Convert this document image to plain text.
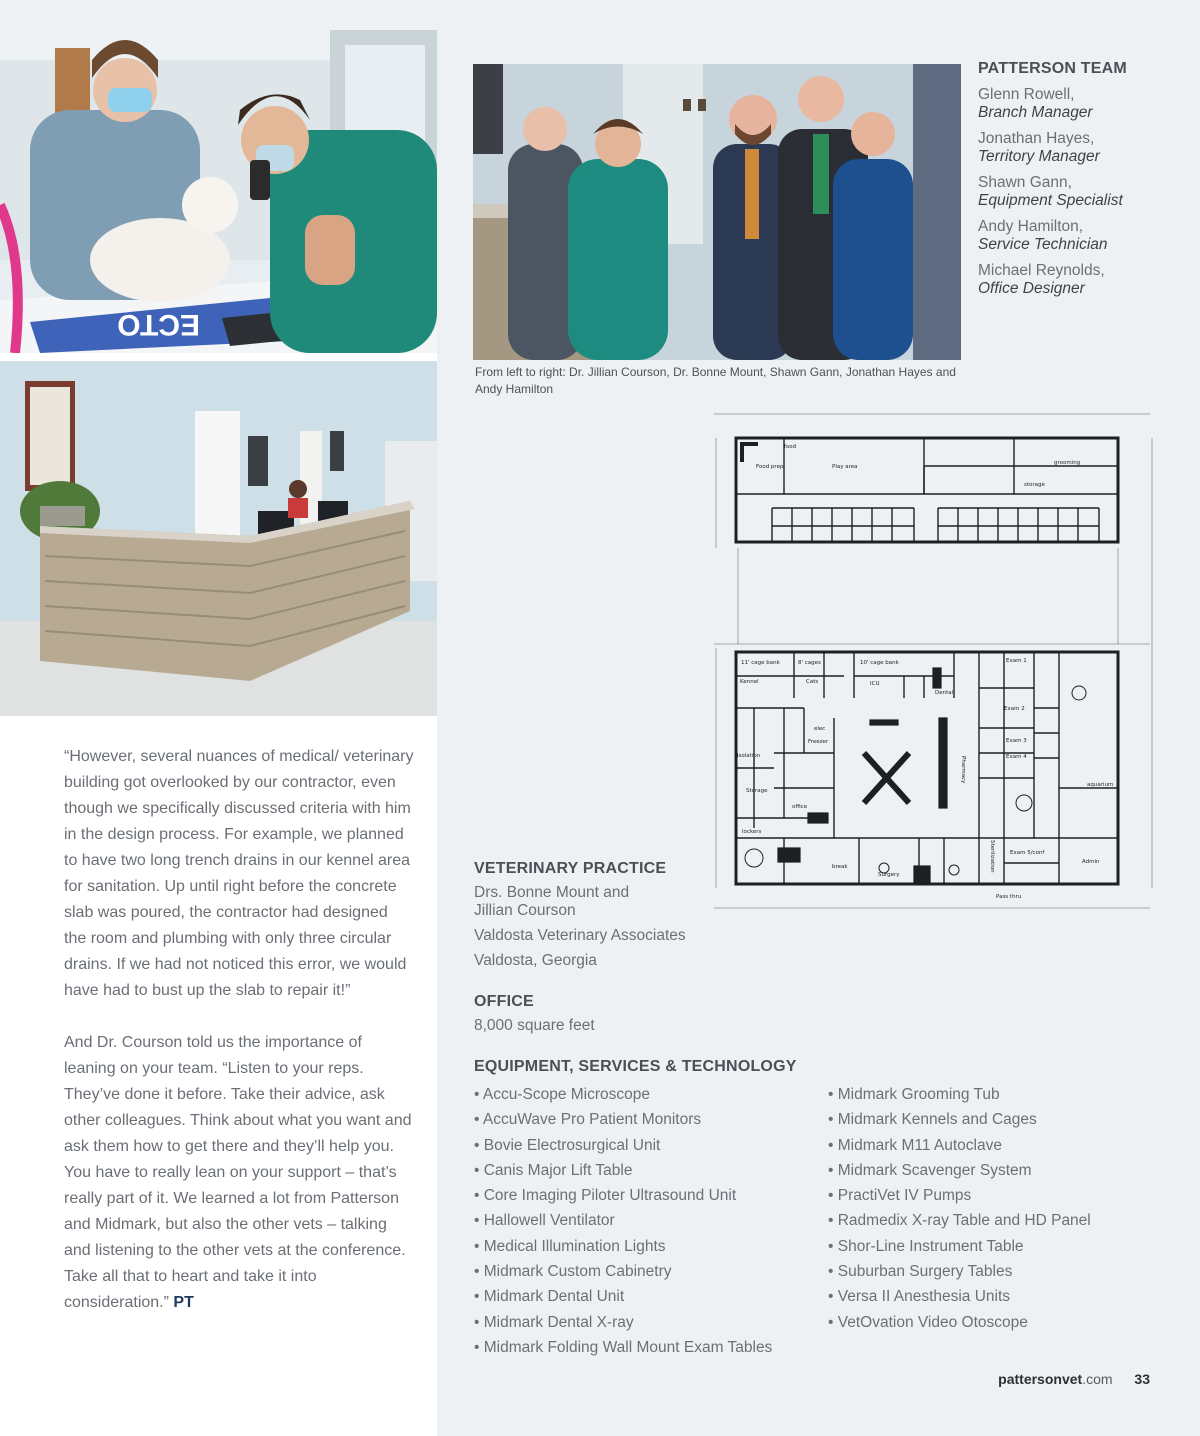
ECTO

“However, several nuances of medical/ veterinary building got overlooked by our contractor, even though we specifically discussed criteria with him in the design process. For example, we planned to have two long trench drains in our kennel area for sanitation. Up until right before the concrete slab was poured, the contractor had designed the room and plumbing with only three circular drains. If we had not noticed this error, we would have had to bust up the slab to repair it!”

And Dr. Courson told us the importance of leaning on your team. “Listen to your reps. They’ve done it before. Take their advice, ask other colleagues. Think about what you want and ask them how to get there and they’ll help you. You have to really lean on your support – that’s really part of it. We learned a lot from Patterson and Midmark, but also the other vets – talking and listening to the other vets at the conference. Take all that to heart and take it into consideration.” PT

From left to right: Dr. Jillian Courson, Dr. Bonne Mount, Shawn Gann, Jonathan Hayes and Andy Hamilton
PATTERSON TEAM
Glenn Rowell,
Branch Manager
Jonathan Hayes,
Territory Manager
Shawn Gann,
Equipment Specialist
Andy Hamilton,
Service Technician
Michael Reynolds,
Office Designer
food
Food prep	Play area
grooming
storage
11' cage bank	8' cages	10' cage bank
Kennel	Cats	ICU
Dental
Exam 1
Exam 2
Exam 3
Exam 4
isolation
elec
Freezer
Pharmacy
office
Storage
lockers
break
Surgery
Sterilization	Exam 5/conf
Admin
aquarium
Pass thru
VETERINARY PRACTICE
Drs. Bonne Mount and
Jillian Courson
Valdosta Veterinary Associates
Valdosta, Georgia
OFFICE
8,000 square feet
EQUIPMENT, SERVICES & TECHNOLOGY
• Accu-Scope Microscope
• AccuWave Pro Patient Monitors
• Bovie Electrosurgical Unit
• Canis Major Lift Table
• Core Imaging Piloter Ultrasound Unit
• Hallowell Ventilator
• Medical Illumination Lights
• Midmark Custom Cabinetry
• Midmark Dental Unit
• Midmark Dental X-ray
• Midmark Folding Wall Mount Exam Tables
• Midmark Grooming Tub
• Midmark Kennels and Cages
• Midmark M11 Autoclave
• Midmark Scavenger System
• PractiVet IV Pumps
• Radmedix X-ray Table and HD Panel
• Shor-Line Instrument Table
• Suburban Surgery Tables
• Versa II Anesthesia Units
• VetOvation Video Otoscope
pattersonvet.com 33
